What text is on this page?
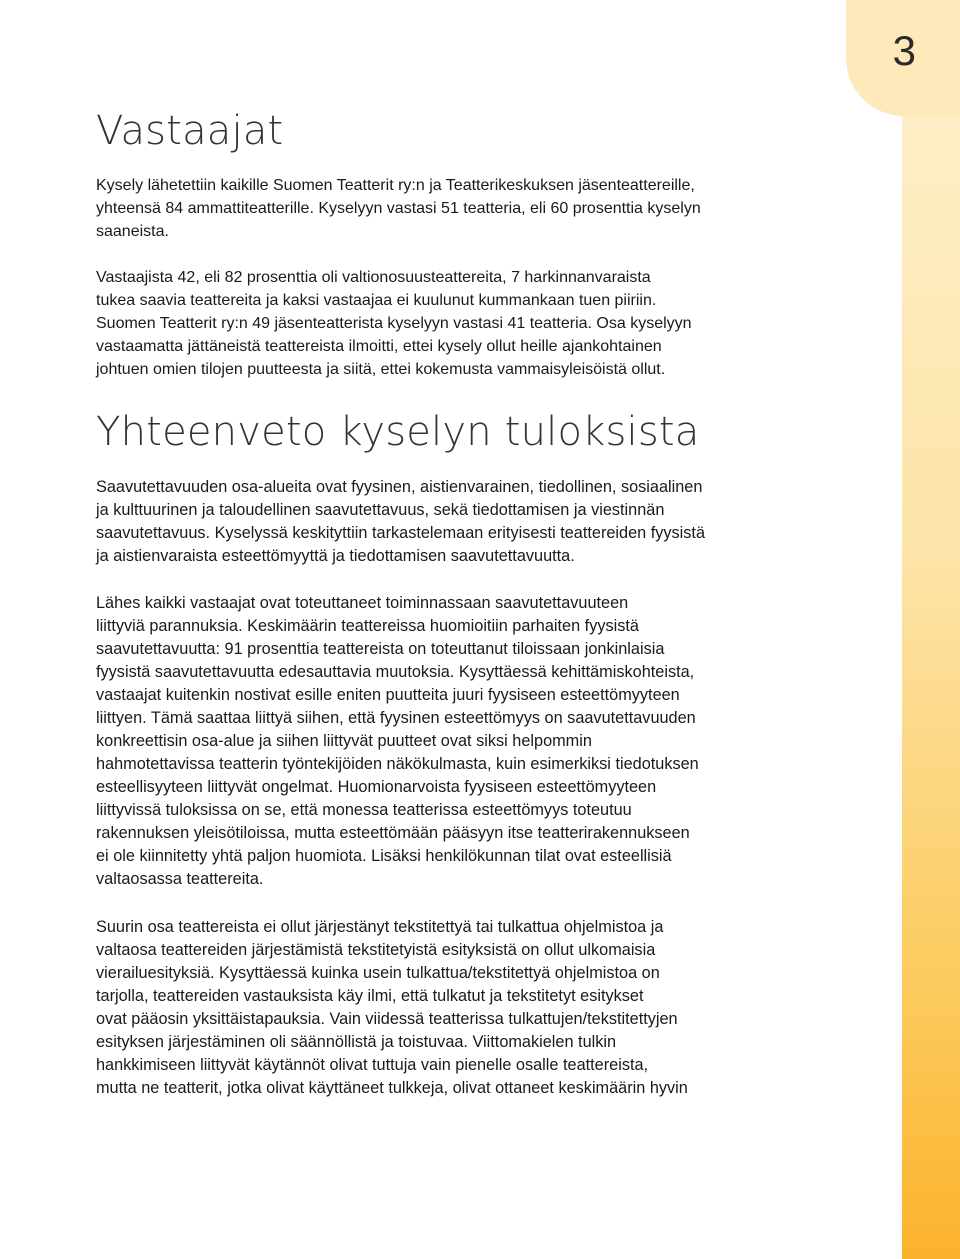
3
Vastaajat

Kysely lähetettiin kaikille Suomen Teatterit ry:n ja Teatterikeskuksen jäsenteattereille,
yhteensä 84 ammattiteatterille. Kyselyyn vastasi 51 teatteria, eli 60 prosenttia kyselyn
saaneista.

Vastaajista 42, eli 82 prosenttia oli valtionosuusteattereita, 7 harkinnanvaraista
tukea saavia teattereita ja kaksi vastaajaa ei kuulunut kummankaan tuen piiriin.
Suomen Teatterit ry:n 49 jäsenteatterista kyselyyn vastasi 41 teatteria. Osa kyselyyn
vastaamatta jättäneistä teattereista ilmoitti, ettei kysely ollut heille ajankohtainen
johtuen omien tilojen puutteesta ja siitä, ettei kokemusta vammaisyleisöistä ollut.

Yhteenveto kyselyn tuloksista

Saavutettavuuden osa-alueita ovat fyysinen, aistienvarainen, tiedollinen, sosiaalinen
ja kulttuurinen ja taloudellinen saavutettavuus, sekä tiedottamisen ja viestinnän
saavutettavuus. Kyselyssä keskityttiin tarkastelemaan erityisesti teattereiden fyysistä
ja aistienvaraista esteettömyyttä ja tiedottamisen saavutettavuutta.

Lähes kaikki vastaajat ovat toteuttaneet toiminnassaan saavutettavuuteen
liittyviä parannuksia. Keskimäärin teattereissa huomioitiin parhaiten fyysistä
saavutettavuutta: 91 prosenttia teattereista on toteuttanut tiloissaan jonkinlaisia
fyysistä saavutettavuutta edesauttavia muutoksia. Kysyttäessä kehittämiskohteista,
vastaajat kuitenkin nostivat esille eniten puutteita juuri fyysiseen esteettömyyteen
liittyen. Tämä saattaa liittyä siihen, että fyysinen esteettömyys on saavutettavuuden
konkreettisin osa-alue ja siihen liittyvät puutteet ovat siksi helpommin
hahmotettavissa teatterin työntekijöiden näkökulmasta, kuin esimerkiksi tiedotuksen
esteellisyyteen liittyvät ongelmat. Huomionarvoista fyysiseen esteettömyyteen
liittyvissä tuloksissa on se, että monessa teatterissa esteettömyys toteutuu
rakennuksen yleisötiloissa, mutta esteettömään pääsyyn itse teatterirakennukseen
ei ole kiinnitetty yhtä paljon huomiota. Lisäksi henkilökunnan tilat ovat esteellisiä
valtaosassa teattereita.

Suurin osa teattereista ei ollut järjestänyt tekstitettyä tai tulkattua ohjelmistoa ja
valtaosa teattereiden järjestämistä tekstitetyistä esityksistä on ollut ulkomaisia
vierailuesityksiä. Kysyttäessä kuinka usein tulkattua/tekstitettyä ohjelmistoa on
tarjolla, teattereiden vastauksista käy ilmi, että tulkatut ja tekstitetyt esitykset
ovat pääosin yksittäistapauksia. Vain viidessä teatterissa tulkattujen/tekstitettyjen
esityksen järjestäminen oli säännöllistä ja toistuvaa. Viittomakielen tulkin
hankkimiseen liittyvät käytännöt olivat tuttuja vain pienelle osalle teattereista,
mutta ne teatterit, jotka olivat käyttäneet tulkkeja, olivat ottaneet keskimäärin hyvin
